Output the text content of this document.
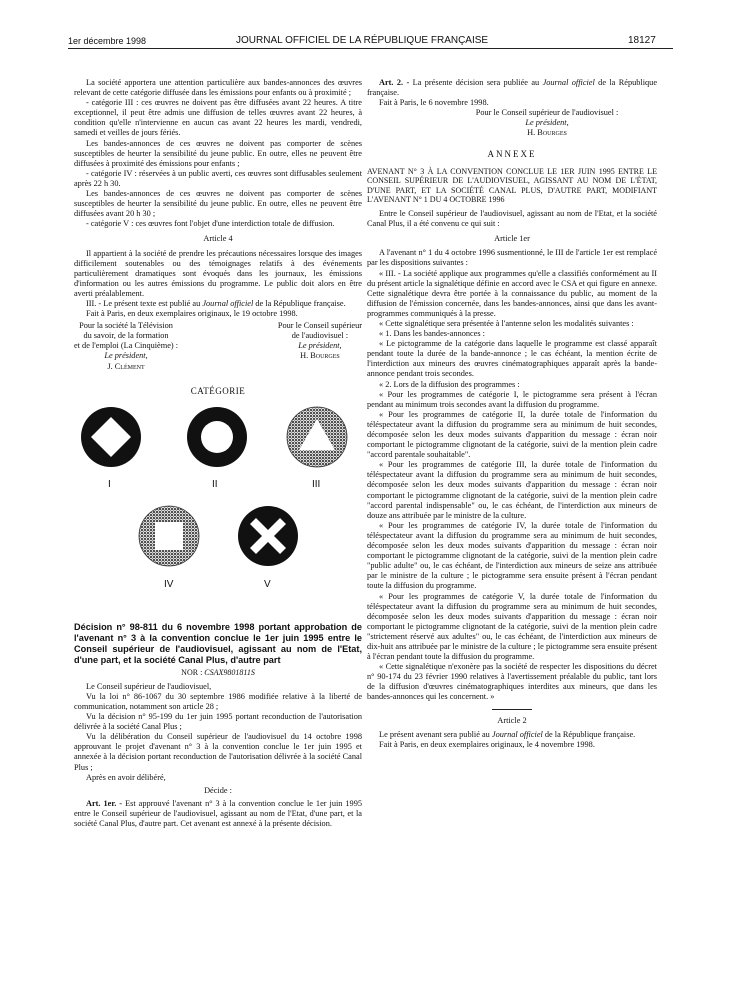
1er décembre 1998	JOURNAL OFFICIEL DE LA RÉPUBLIQUE FRANÇAISE	18127

La société apportera une attention particulière aux bandes-annonces des œuvres relevant de cette catégorie diffusée dans les émissions pour enfants ou à proximité ;

- catégorie III : ces œuvres ne doivent pas être diffusées avant 22 heures. A titre exceptionnel, il peut être admis une diffusion de telles œuvres avant 22 heures, à condition qu'elle n'intervienne en aucun cas avant 22 heures les mardi, vendredi, samedi et veilles de jours fériés.

Les bandes-annonces de ces œuvres ne doivent pas comporter de scènes susceptibles de heurter la sensibilité du jeune public. En outre, elles ne peuvent être diffusées à proximité des émissions pour enfants ;

- catégorie IV : réservées à un public averti, ces œuvres sont diffusables seulement après 22 h 30.

Les bandes-annonces de ces œuvres ne doivent pas comporter de scènes susceptibles de heurter la sensibilité du jeune public. En outre, elles ne peuvent être diffusées avant 20 h 30 ;

- catégorie V : ces œuvres font l'objet d'une interdiction totale de diffusion.

Article 4

Il appartient à la société de prendre les précautions nécessaires lorsque des images difficilement soutenables ou des témoignages relatifs à des événements particulièrement dramatiques sont évoqués dans les journaux, les émissions d'information ou les autres émissions du programme. Le public doit alors en être averti préalablement.

III. - Le présent texte est publié au Journal officiel de la République française.

Fait à Paris, en deux exemplaires originaux, le 19 octobre 1998.

Pour la société la Télévision
du savoir, de la formation
et de l'emploi (La Cinquième) :
Le président,
J. Clément
Pour le Conseil supérieur
de l'audiovisuel :
Le président,
H. Bourges
CATÉGORIE
I	II	III
IV	V
Décision n° 98-811 du 6 novembre 1998 portant approbation de l'avenant n° 3 à la convention conclue le 1er juin 1995 entre le Conseil supérieur de l'audiovisuel, agissant au nom de l'Etat, d'une part, et la société Canal Plus, d'autre part
NOR : CSAX9801811S

Le Conseil supérieur de l'audiovisuel,

Vu la loi n° 86-1067 du 30 septembre 1986 modifiée relative à la liberté de communication, notamment son article 28 ;

Vu la décision n° 95-199 du 1er juin 1995 portant reconduction de l'autorisation délivrée à la société Canal Plus ;

Vu la délibération du Conseil supérieur de l'audiovisuel du 14 octobre 1998 approuvant le projet d'avenant n° 3 à la convention conclue le 1er juin 1995 et annexée à la décision portant reconduction de l'autorisation délivrée à la société Canal Plus ;

Après en avoir délibéré,

Décide :

Art. 1er. - Est approuvé l'avenant n° 3 à la convention conclue le 1er juin 1995 entre le Conseil supérieur de l'audiovisuel, agissant au nom de l'Etat, d'une part, et la société Canal Plus, d'autre part. Cet avenant est annexé à la présente décision.

Art. 2. - La présente décision sera publiée au Journal officiel de la République française.

Fait à Paris, le 6 novembre 1998.

Pour le Conseil supérieur de l'audiovisuel :
Le président,
H. Bourges
ANNEXE
AVENANT N° 3 À LA CONVENTION CONCLUE LE 1ER JUIN 1995 ENTRE LE CONSEIL SUPÉRIEUR DE L'AUDIOVISUEL, AGISSANT AU NOM DE L'ÉTAT, D'UNE PART, ET LA SOCIÉTÉ CANAL PLUS, D'AUTRE PART, MODIFIANT L'AVENANT N° 1 DU 4 OCTOBRE 1996

Entre le Conseil supérieur de l'audiovisuel, agissant au nom de l'Etat, et la société Canal Plus, il a été convenu ce qui suit :

Article 1er

A l'avenant n° 1 du 4 octobre 1996 susmentionné, le III de l'article 1er est remplacé par les dispositions suivantes :

« III. - La société applique aux programmes qu'elle a classifiés conformément au II du présent article la signalétique définie en accord avec le CSA et qui figure en annexe. Cette signalétique devra être portée à la connaissance du public, au moment de la diffusion de l'émission concernée, dans les bandes-annonces, ainsi que dans les avant-programmes communiqués à la presse.

« Cette signalétique sera présentée à l'antenne selon les modalités suivantes :

« 1. Dans les bandes-annonces :

« Le pictogramme de la catégorie dans laquelle le programme est classé apparaît pendant toute la durée de la bande-annonce ; le cas échéant, la mention écrite de l'interdiction aux mineurs des œuvres cinématographiques apparaît après la bande-annonce pendant trois secondes.

« 2. Lors de la diffusion des programmes :

« Pour les programmes de catégorie I, le pictogramme sera présent à l'écran pendant au minimum trois secondes avant la diffusion du programme.

« Pour les programmes de catégorie II, la durée totale de l'information du téléspectateur avant la diffusion du programme sera au minimum de huit secondes, décomposée selon les deux modes suivants d'apparition du message : écran noir comportant le pictogramme clignotant de la catégorie, suivi de la mention plein cadre "accord parentale souhaitable".

« Pour les programmes de catégorie III, la durée totale de l'information du téléspectateur avant la diffusion du programme sera au minimum de huit secondes, décomposée selon les deux modes suivants d'apparition du message : écran noir comportant le pictogramme clignotant de la catégorie, suivi de la mention plein cadre "accord parental indispensable" ou, le cas échéant, de l'interdiction aux mineurs de douze ans attribuée par le ministre de la culture.

« Pour les programmes de catégorie IV, la durée totale de l'information du téléspectateur avant la diffusion du programme sera au minimum de huit secondes, décomposée selon les deux modes suivants d'apparition du message : écran noir comportant le pictogramme clignotant de la catégorie, suivi de la mention plein cadre "public adulte" ou, le cas échéant, de l'interdiction aux mineurs de seize ans attribuée par le ministre de la culture ; le pictogramme sera ensuite présent à l'écran pendant toute la diffusion du programme.

« Pour les programmes de catégorie V, la durée totale de l'information du téléspectateur avant la diffusion du programme sera au minimum de huit secondes, décomposée selon les deux modes suivants d'apparition du message : écran noir comportant le pictogramme clignotant de la catégorie, suivi de la mention plein cadre "strictement réservé aux adultes" ou, le cas échéant, de l'interdiction aux mineurs de dix-huit ans attribuée par le ministre de la culture ; le pictogramme sera ensuite présent à l'écran pendant toute la diffusion du programme.

« Cette signalétique n'exonère pas la société de respecter les dispositions du décret n° 90-174 du 23 février 1990 relatives à l'avertissement préalable du public, tant lors de la diffusion d'œuvres cinématographiques interdites aux mineurs, que dans les bandes-annonces qui les concernent. »

Article 2

Le présent avenant sera publié au Journal officiel de la République française.

Fait à Paris, en deux exemplaires originaux, le 4 novembre 1998.
